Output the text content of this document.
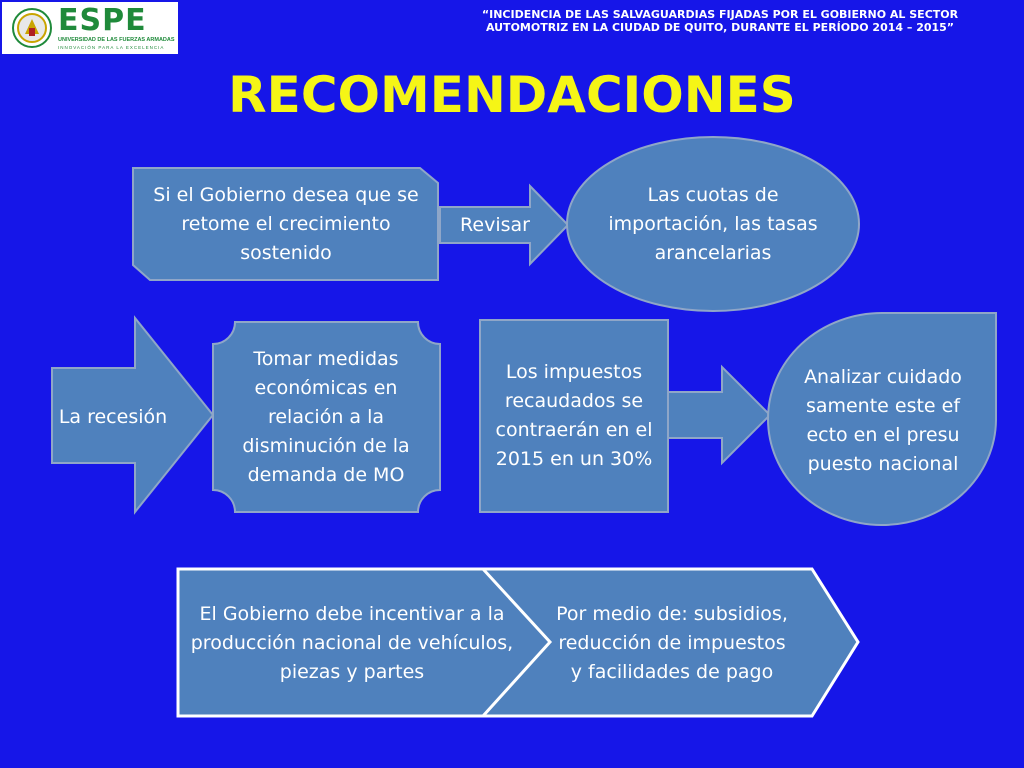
ESPE
UNIVERSIDAD DE LAS FUERZAS ARMADAS
INNOVACIÓN PARA LA EXCELENCIA
“INCIDENCIA DE LAS SALVAGUARDIAS FIJADAS POR EL GOBIERNO AL SECTOR AUTOMOTRIZ EN LA CIUDAD DE QUITO, DURANTE EL PERÍODO 2014 – 2015”
RECOMENDACIONES
Si el Gobierno desea que se retome el crecimiento sostenido
Revisar
Las cuotas de importación, las tasas arancelarias
La recesión
Tomar medidas económicas en relación a la disminución de la demanda de MO
Los impuestos recaudados se contraerán en el 2015 en un 30%
Analizar cuidadosamente este efecto en el presupuesto nacional
El Gobierno debe incentivar a la producción nacional de vehículos, piezas y partes
Por medio de: subsidios, reducción de impuestos y facilidades de pago
